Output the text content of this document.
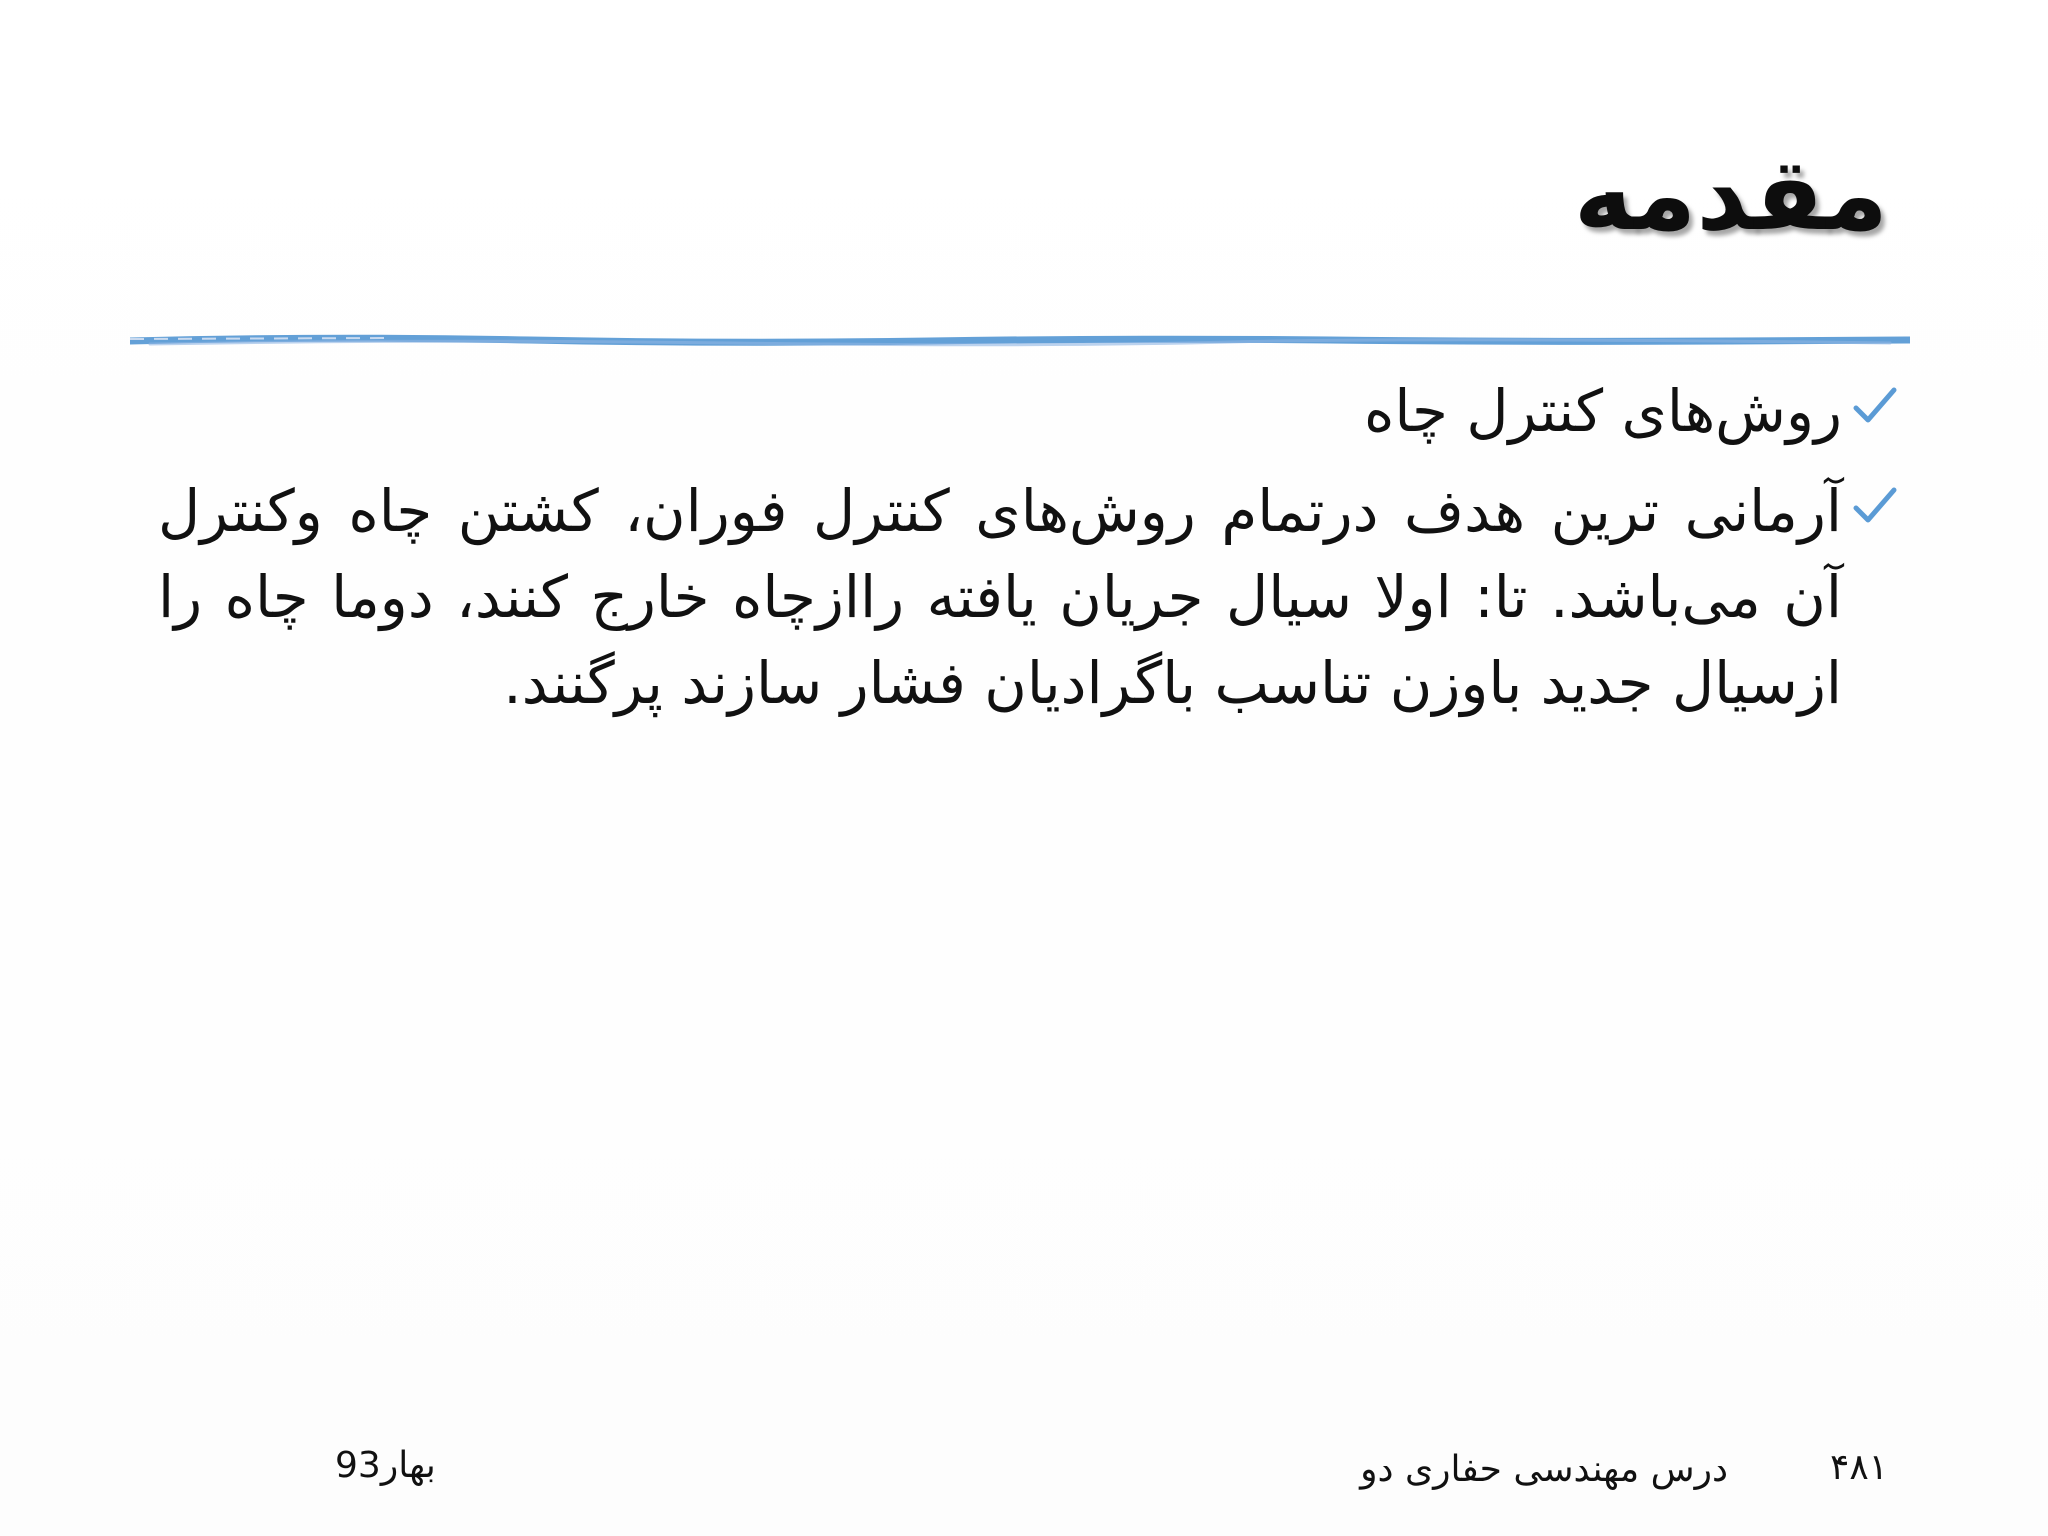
مقدمه
روش‌های کنترل چاه
آرمانی ترین هدف درتمام روش‌های کنترل فوران، کشتن چاه وکنترل آن می‌باشد. تا: اولا سیال جریان یافته راازچاه خارج کنند، دوما چاه را ازسیال جدید باوزن تناسب باگرادیان فشار سازند پرگنند.
۴۸۱
درس مهندسی حفاری دو
بهار93
